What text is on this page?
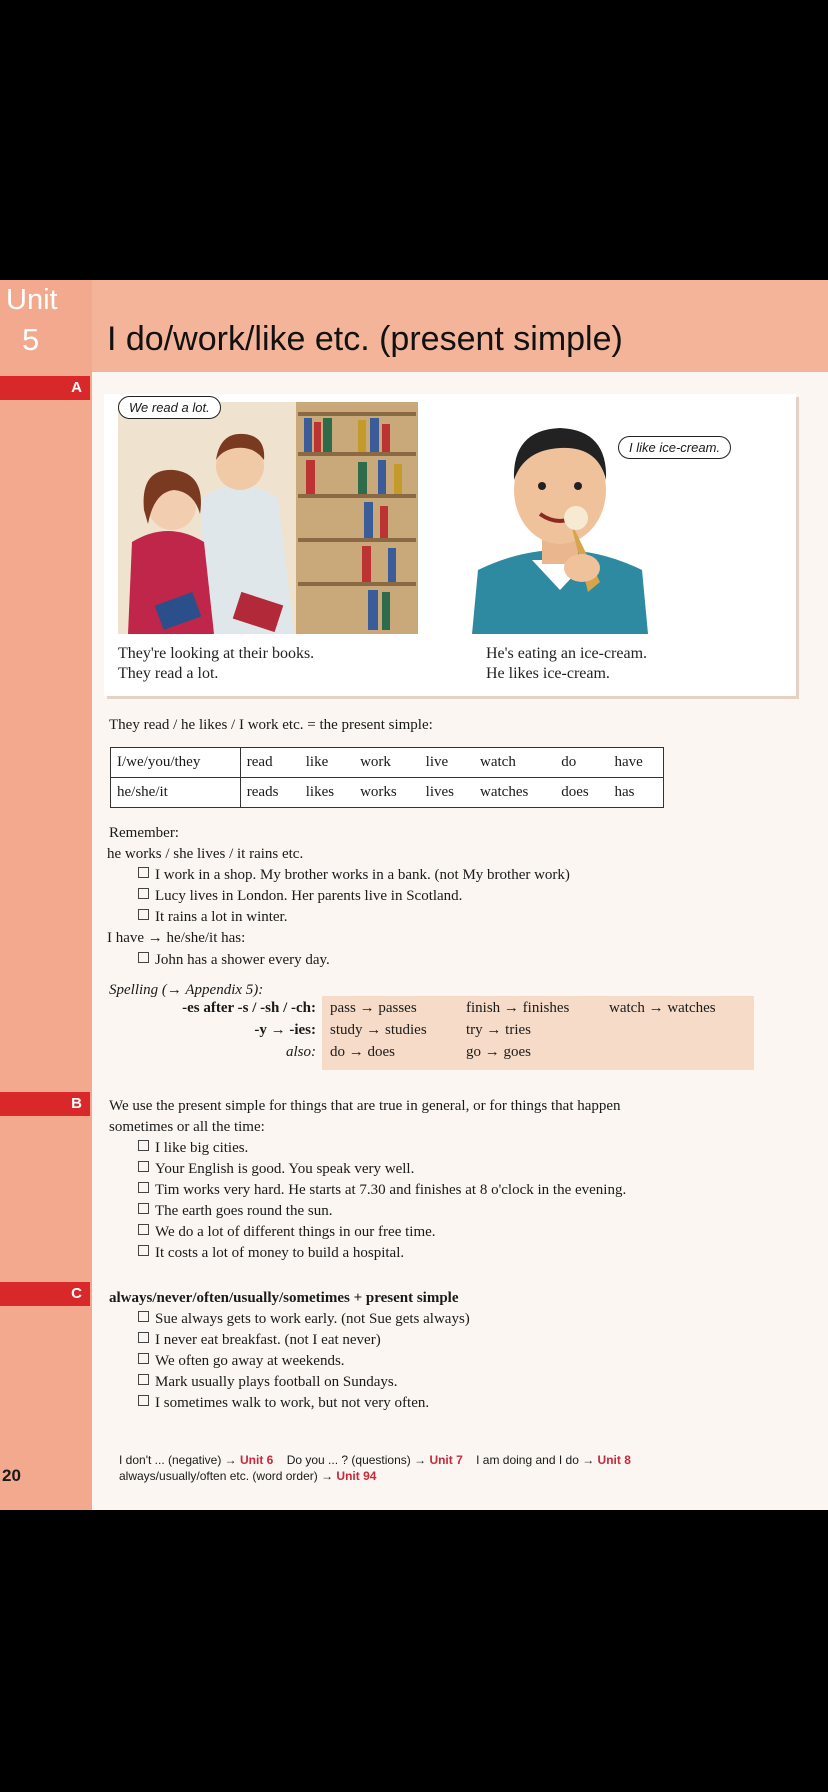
Unit
5 I do/work/like etc. (present simple)
A
B
C
We read a lot.
I like ice-cream.
They're looking at their books.
They read a lot.
He's eating an ice-cream.
He likes ice-cream.
They read / he likes / I work etc. = the present simple:
I/we/you/they	read	like	work	live	watch	do	have
he/she/it	reads	likes	works	lives	watches	does	has
Remember:
he works / she lives / it rains etc.
I work in a shop. My brother works in a bank. (not My brother work)
Lucy lives in London. Her parents live in Scotland.
It rains a lot in winter.
I have → he/she/it has:
John has a shower every day.
Spelling (→ Appendix 5):
-es after -s / -sh / -ch: pass → passes	finish → finishes	watch → watches
-y → -ies: study → studies	try → tries
also: do → does	go → goes
We use the present simple for things that are true in general, or for things that happen
sometimes or all the time:
I like big cities.
Your English is good. You speak very well.
Tim works very hard. He starts at 7.30 and finishes at 8 o'clock in the evening.
The earth goes round the sun.
We do a lot of different things in our free time.
It costs a lot of money to build a hospital.
always/never/often/usually/sometimes + present simple
Sue always gets to work early. (not Sue gets always)
I never eat breakfast. (not I eat never)
We often go away at weekends.
Mark usually plays football on Sundays.
I sometimes walk to work, but not very often.
I don't ... (negative) → Unit 6 Do you ... ? (questions) → Unit 7 I am doing and I do → Unit 8
always/usually/often etc. (word order) → Unit 94
20
